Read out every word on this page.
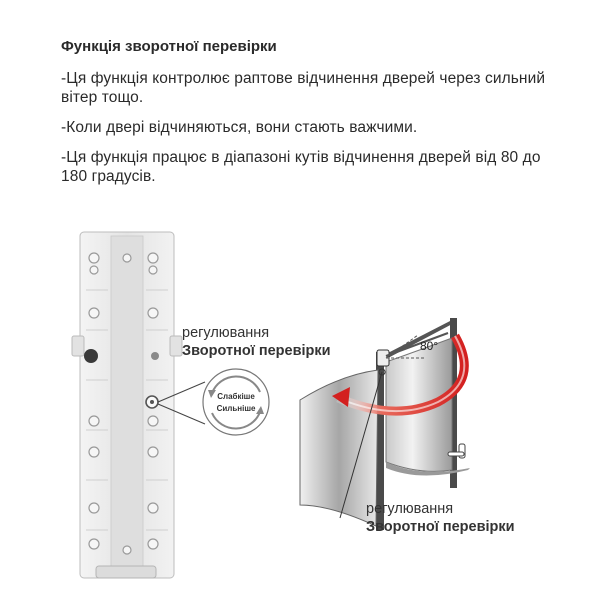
Функція зворотної перевірки
-Ця функція контролює раптове відчинення дверей через сильний вітер тощо.
-Коли двері відчиняються, вони стають важчими.
-Ця функція працює в діапазоні кутів відчинення дверей від 80 до 180 градусів.
Слабкіше
Сильніше
80°
регулювання
Зворотної перевірки
регулювання
Зворотної перевірки
